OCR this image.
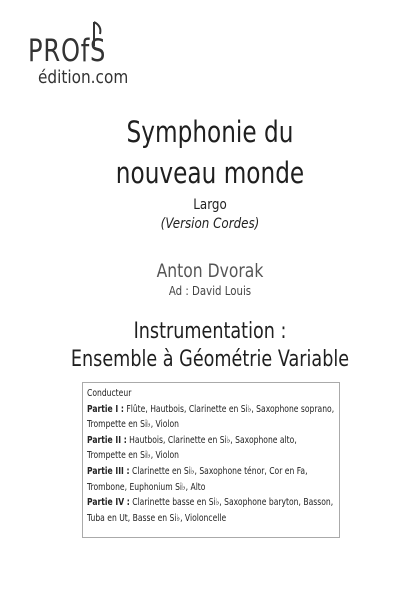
PROfS
édition.com
Symphonie du
nouveau monde
Largo
(Version Cordes)
Anton Dvorak
Ad : David Louis
Instrumentation :
Ensemble à Géométrie Variable
Conducteur
Partie I : Flûte, Hautbois, Clarinette en Si♭, Saxophone soprano, Trompette en Si♭, Violon
Partie II : Hautbois, Clarinette en Si♭, Saxophone alto, Trompette en Si♭, Violon
Partie III : Clarinette en Si♭, Saxophone ténor, Cor en Fa, Trombone, Euphonium Si♭, Alto
Partie IV : Clarinette basse en Si♭, Saxophone baryton, Basson, Tuba en Ut, Basse en Si♭, Violoncelle
